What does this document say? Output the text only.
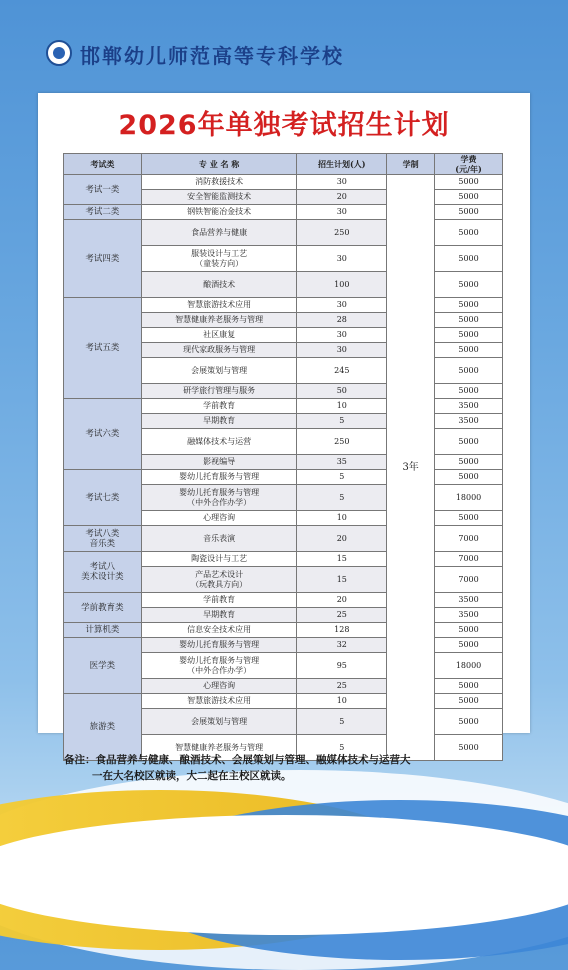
邯郸幼儿师范高等专科学校
2026年单独考试招生计划
考试类	专 业 名 称	招生计划(人)	学制	学费
(元/年)

考试一类	消防救援技术	30	3年	5000

	安全智能监测技术	20		5000

考试二类	钢铁智能冶金技术	30		5000

考试四类	食品营养与健康	250		5000

	服装设计与工艺
（童装方向）	30		5000

	酿酒技术	100		5000

考试五类	智慧旅游技术应用	30		5000

	智慧健康养老服务与管理	28		5000

	社区康复	30		5000

	现代家政服务与管理	30		5000

	会展策划与管理	245		5000

	研学旅行管理与服务	50		5000

考试六类	学前教育	10		3500

	早期教育	5		3500

	融媒体技术与运营	250		5000

	影视编导	35		5000

考试七类	婴幼儿托育服务与管理	5		5000

	婴幼儿托育服务与管理
（中外合作办学）	5		18000

	心理咨询	10		5000

考试八类
音乐类	音乐表演	20		7000

考试八
美术设计类	陶瓷设计与工艺	15		7000

	产品艺术设计
（玩教具方向）	15		7000

学前教育类	学前教育	20		3500

	早期教育	25		3500

计算机类	信息安全技术应用	128		5000

医学类	婴幼儿托育服务与管理	32		5000

	婴幼儿托育服务与管理
（中外合作办学）	95		18000

	心理咨询	25		5000

旅游类	智慧旅游技术应用	10		5000

	会展策划与管理	5		5000

	智慧健康养老服务与管理	5		5000
备注：食品营养与健康、酿酒技术、会展策划与管理、融媒体技术与运营大
一在大名校区就读，大二起在主校区就读。
